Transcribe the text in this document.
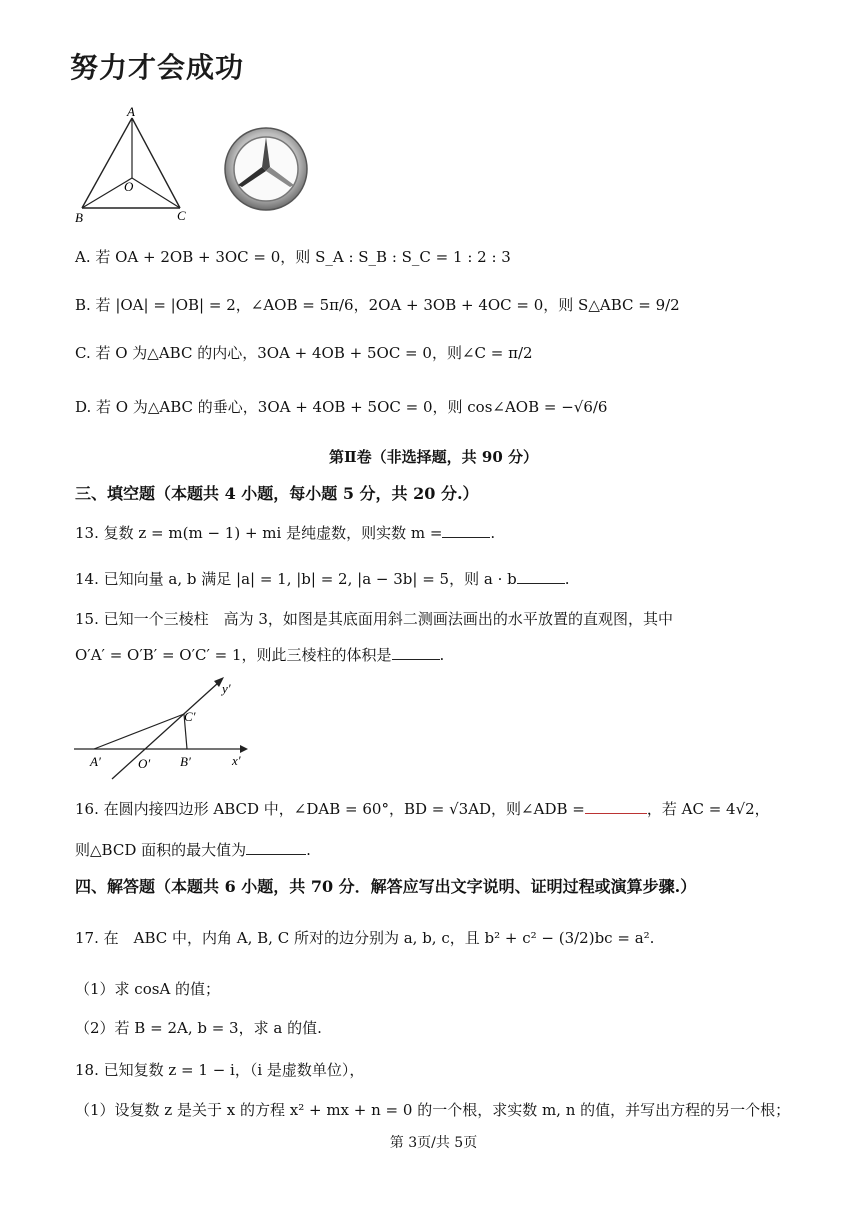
努力才会成功
A
O
B	C
A. 若 OA + 2OB + 3OC = 0，则 S_A : S_B : S_C = 1 : 2 : 3
B. 若 |OA| = |OB| = 2，∠AOB = 5π/6，2OA + 3OB + 4OC = 0，则 S△ABC = 9/2
C. 若 O 为△ABC 的内心，3OA + 4OB + 5OC = 0，则∠C = π/2
D. 若 O 为△ABC 的垂心，3OA + 4OB + 5OC = 0，则 cos∠AOB = −√6/6
第Ⅱ卷（非选择题，共 90 分）
三、填空题（本题共 4 小题，每小题 5 分，共 20 分.）
13. 复数 z = m(m − 1) + mi 是纯虚数，则实数 m =	.
14. 已知向量 a, b 满足 |a| = 1, |b| = 2, |a − 3b| = 5，则 a · b	.
15. 已知一个三棱柱　高为 3，如图是其底面用斜二测画法画出的水平放置的直观图，其中
O′A′ = O′B′ = O′C′ = 1，则此三棱柱的体积是	.
y′
x′
C′
A′	O′ B′
16. 在圆内接四边形 ABCD 中，∠DAB = 60°，BD = √3AD，则∠ADB =	，若 AC = 4√2，
则△BCD 面积的最大值为	.
四、解答题（本题共 6 小题，共 70 分．解答应写出文字说明、证明过程或演算步骤.）
17. 在　ABC 中，内角 A, B, C 所对的边分别为 a, b, c，且 b² + c² − (3/2)bc = a².
（1）求 cosA 的值；
（2）若 B = 2A, b = 3，求 a 的值.
18. 已知复数 z = 1 − i，（i 是虚数单位），
（1）设复数 z 是关于 x 的方程 x² + mx + n = 0 的一个根，求实数 m, n 的值，并写出方程的另一个根；
第 3页/共 5页
